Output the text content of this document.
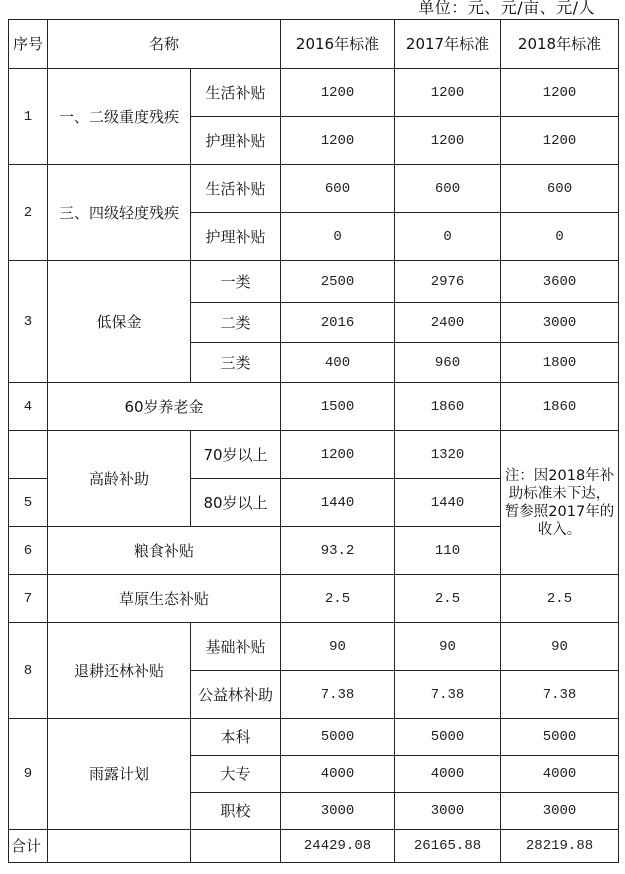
单位：元、元/亩、元/人
序号	名称		2016年标准	2017年标准	2018年标准
1	一、二级重度残疾	生活补贴	1200	1200	1200
		护理补贴	1200	1200	1200
2	三、四级轻度残疾	生活补贴	600	600	600
		护理补贴	0	0	0
3	低保金	一类	2500	2976	3600
		二类	2016	2400	3000
		三类	400	960	1800
4	60岁养老金		1500	1860	1860
	高龄补助	70岁以上	1200	1320	注：因2018年补助标准未下达，暂参照2017年的收入。
5		80岁以上	1440	1440	
6	粮食补贴		93.2	110	
7	草原生态补贴		2.5	2.5	2.5
8	退耕还林补贴	基础补贴	90	90	90
		公益林补助	7.38	7.38	7.38
9	雨露计划	本科	5000	5000	5000
		大专	4000	4000	4000
		职校	3000	3000	3000
合计			24429.08	26165.88	28219.88
